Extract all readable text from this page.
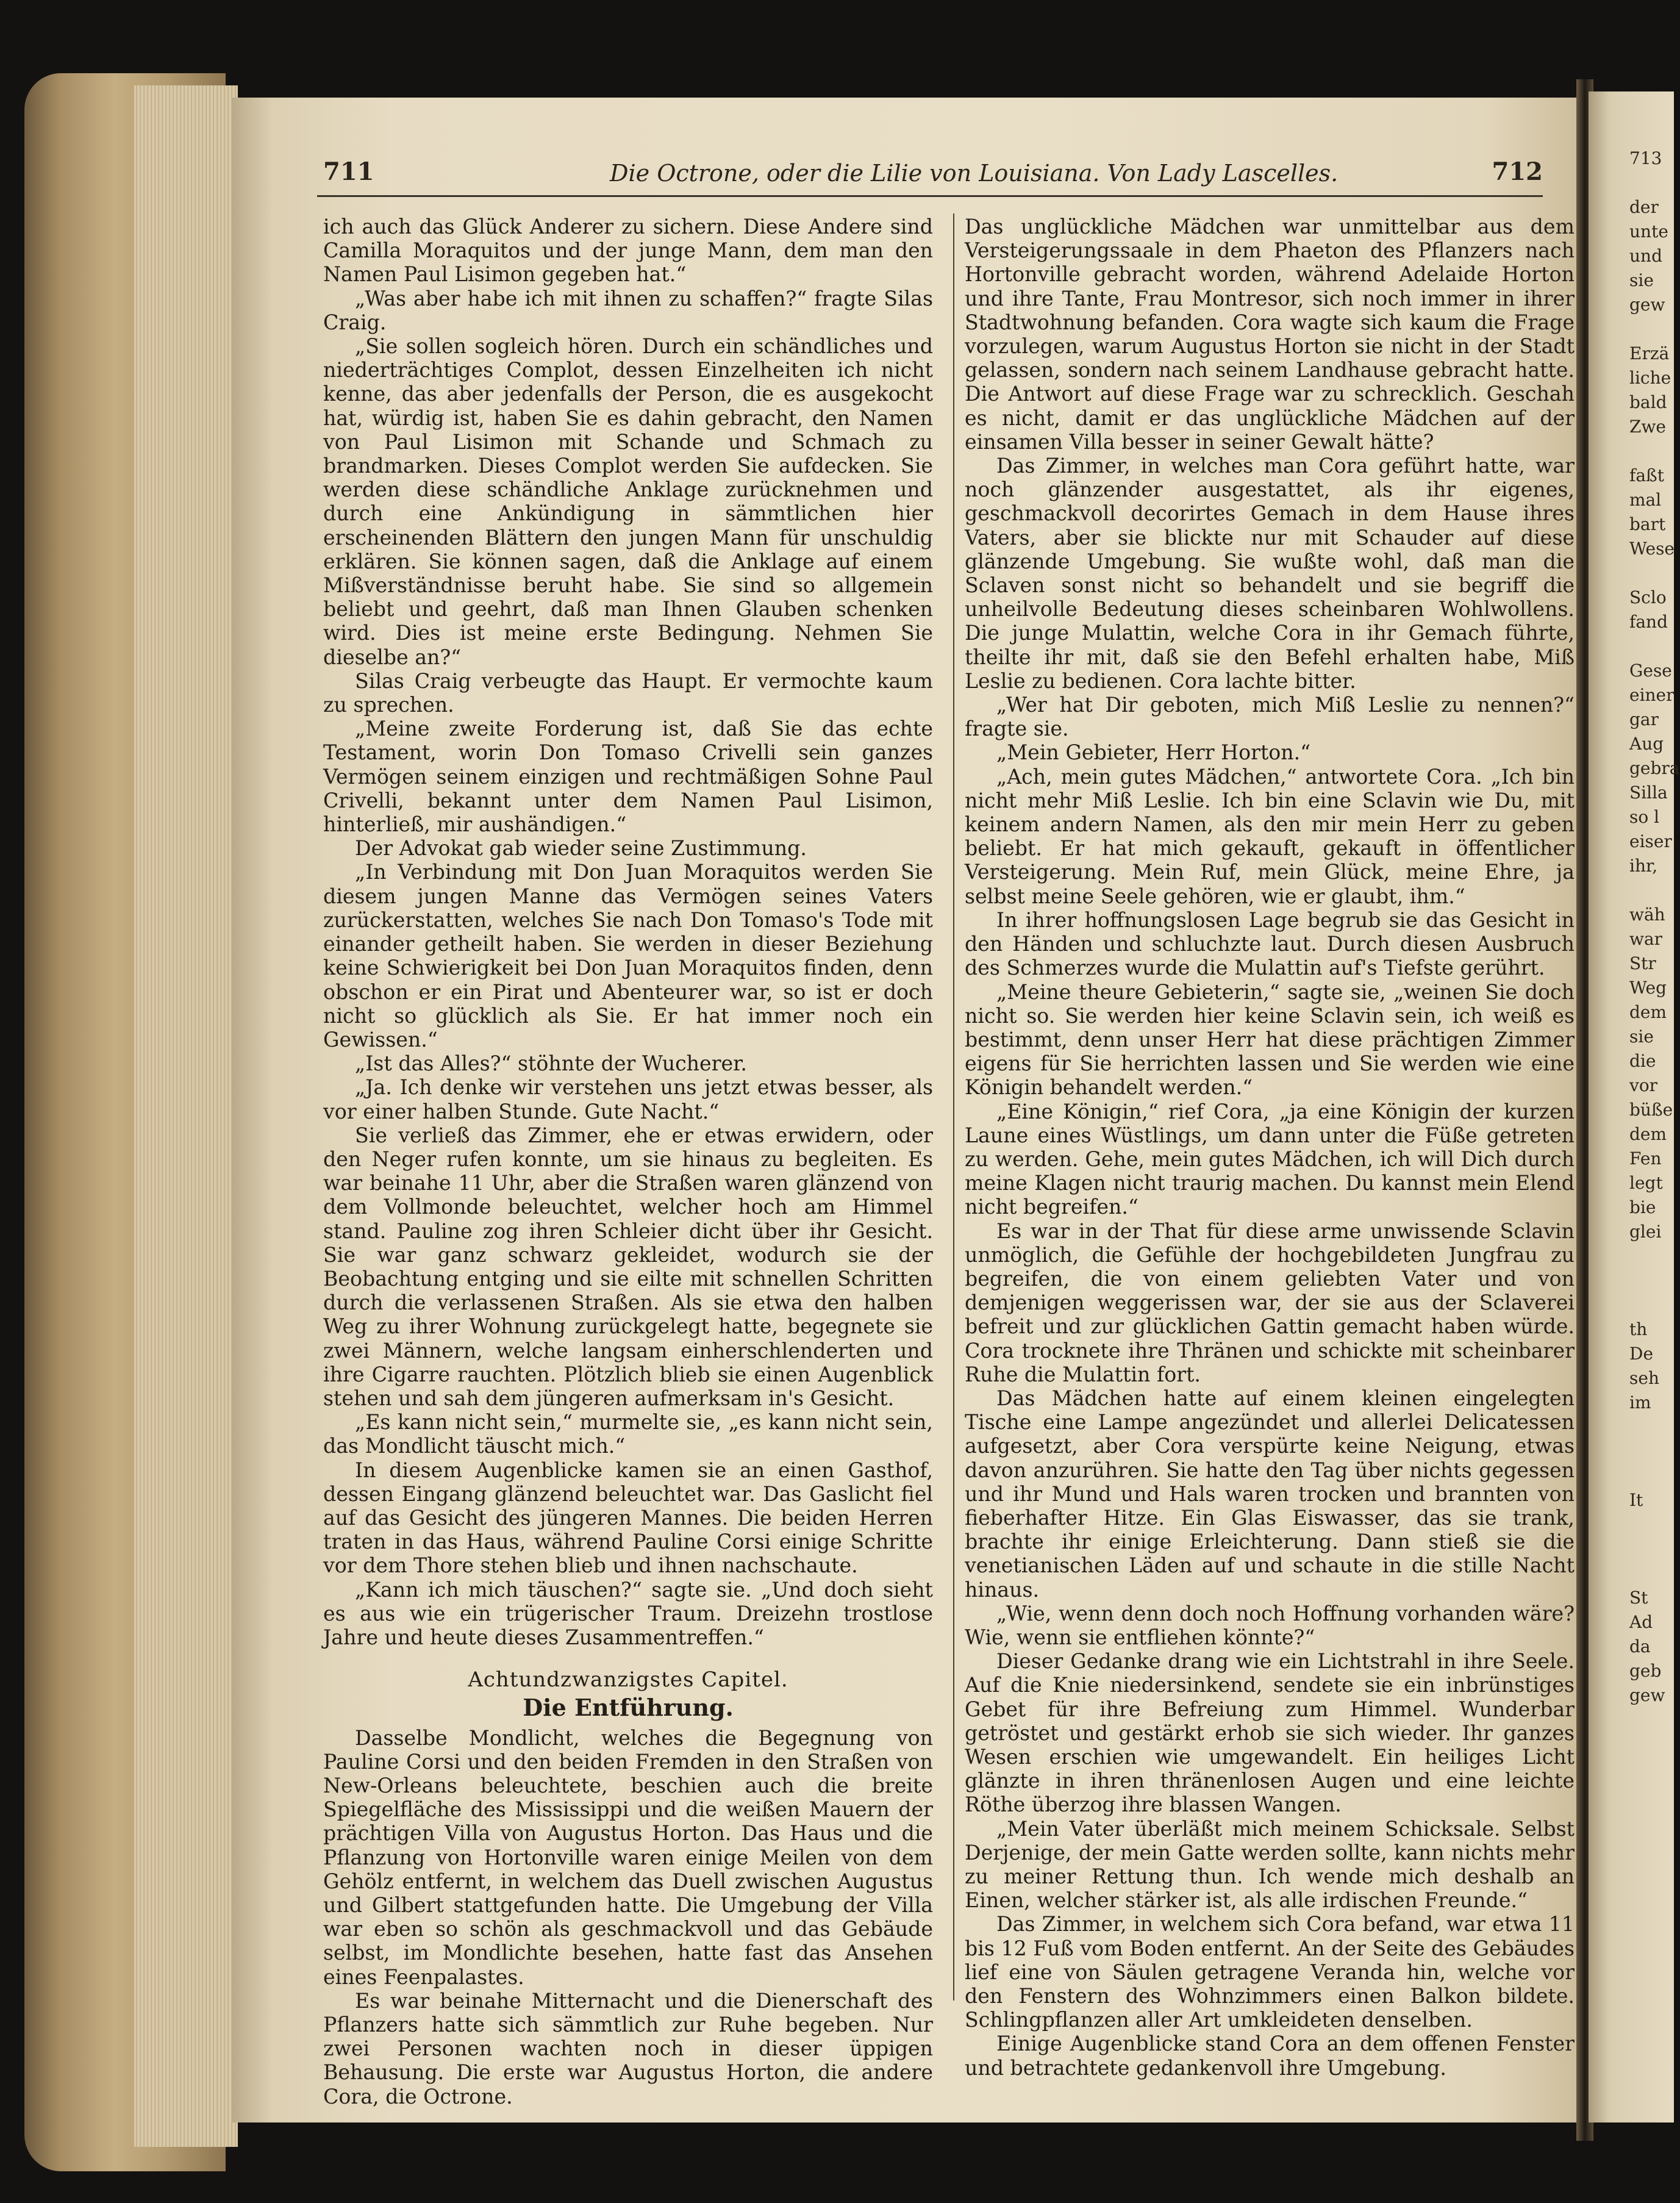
713

der
unte
und
sie
gew

Erzä
liche
bald
Zwe

faßt
mal
bart
Wese

Sclo
fand

Gese
einer
gar
Aug
gebra
Silla
so l
eiser
ihr,

wäh
war
Str
Weg
dem
sie
die
vor
büße
dem
Fen
legt
bie
glei

th
De
seh
im

It

St
Ad
da
geb
gew
711	Die Octrone, oder die Lilie von Louisiana. Von Lady Lascelles.	712

ich auch das Glück Anderer zu sichern. Diese Andere sind Camilla Moraquitos und der junge Mann, dem man den Namen Paul Lisimon gegeben hat.“

„Was aber habe ich mit ihnen zu schaffen?“ fragte Silas Craig.

„Sie sollen sogleich hören. Durch ein schändliches und niederträchtiges Complot, dessen Einzelheiten ich nicht kenne, das aber jedenfalls der Person, die es ausgekocht hat, würdig ist, haben Sie es dahin gebracht, den Namen von Paul Lisimon mit Schande und Schmach zu brandmarken. Dieses Complot werden Sie aufdecken. Sie werden diese schändliche Anklage zurücknehmen und durch eine Ankündigung in sämmtlichen hier erscheinenden Blättern den jungen Mann für unschuldig erklären. Sie können sagen, daß die Anklage auf einem Mißverständnisse beruht habe. Sie sind so allgemein beliebt und geehrt, daß man Ihnen Glauben schenken wird. Dies ist meine erste Bedingung. Nehmen Sie dieselbe an?“

Silas Craig verbeugte das Haupt. Er vermochte kaum zu sprechen.

„Meine zweite Forderung ist, daß Sie das echte Testament, worin Don Tomaso Crivelli sein ganzes Vermögen seinem einzigen und rechtmäßigen Sohne Paul Crivelli, bekannt unter dem Namen Paul Lisimon, hinterließ, mir aushändigen.“

Der Advokat gab wieder seine Zustimmung.

„In Verbindung mit Don Juan Moraquitos werden Sie diesem jungen Manne das Vermögen seines Vaters zurückerstatten, welches Sie nach Don Tomaso's Tode mit einander getheilt haben. Sie werden in dieser Beziehung keine Schwierigkeit bei Don Juan Moraquitos finden, denn obschon er ein Pirat und Abenteurer war, so ist er doch nicht so glücklich als Sie. Er hat immer noch ein Gewissen.“

„Ist das Alles?“ stöhnte der Wucherer.

„Ja. Ich denke wir verstehen uns jetzt etwas besser, als vor einer halben Stunde. Gute Nacht.“

Sie verließ das Zimmer, ehe er etwas erwidern, oder den Neger rufen konnte, um sie hinaus zu begleiten. Es war beinahe 11 Uhr, aber die Straßen waren glänzend von dem Vollmonde beleuchtet, welcher hoch am Himmel stand. Pauline zog ihren Schleier dicht über ihr Gesicht. Sie war ganz schwarz gekleidet, wodurch sie der Beobachtung entging und sie eilte mit schnellen Schritten durch die verlassenen Straßen. Als sie etwa den halben Weg zu ihrer Wohnung zurückgelegt hatte, begegnete sie zwei Männern, welche langsam einherschlenderten und ihre Cigarre rauchten. Plötzlich blieb sie einen Augenblick stehen und sah dem jüngeren aufmerksam in's Gesicht.

„Es kann nicht sein,“ murmelte sie, „es kann nicht sein, das Mondlicht täuscht mich.“

In diesem Augenblicke kamen sie an einen Gasthof, dessen Eingang glänzend beleuchtet war. Das Gaslicht fiel auf das Gesicht des jüngeren Mannes. Die beiden Herren traten in das Haus, während Pauline Corsi einige Schritte vor dem Thore stehen blieb und ihnen nachschaute.

„Kann ich mich täuschen?“ sagte sie. „Und doch sieht es aus wie ein trügerischer Traum. Dreizehn trostlose Jahre und heute dieses Zusammentreffen.“

Achtundzwanzigstes Capitel.

Die Entführung.

Dasselbe Mondlicht, welches die Begegnung von Pauline Corsi und den beiden Fremden in den Straßen von New-Orleans beleuchtete, beschien auch die breite Spiegelfläche des Mississippi und die weißen Mauern der prächtigen Villa von Augustus Horton. Das Haus und die Pflanzung von Hortonville waren einige Meilen von dem Gehölz entfernt, in welchem das Duell zwischen Augustus und Gilbert stattgefunden hatte. Die Umgebung der Villa war eben so schön als geschmackvoll und das Gebäude selbst, im Mondlichte besehen, hatte fast das Ansehen eines Feenpalastes.

Es war beinahe Mitternacht und die Dienerschaft des Pflanzers hatte sich sämmtlich zur Ruhe begeben. Nur zwei Personen wachten noch in dieser üppigen Behausung. Die erste war Augustus Horton, die andere Cora, die Octrone.

Das unglückliche Mädchen war unmittelbar aus dem Versteigerungssaale in dem Phaeton des Pflanzers nach Hortonville gebracht worden, während Adelaide Horton und ihre Tante, Frau Montresor, sich noch immer in ihrer Stadtwohnung befanden. Cora wagte sich kaum die Frage vorzulegen, warum Augustus Horton sie nicht in der Stadt gelassen, sondern nach seinem Landhause gebracht hatte. Die Antwort auf diese Frage war zu schrecklich. Geschah es nicht, damit er das unglückliche Mädchen auf der einsamen Villa besser in seiner Gewalt hätte?

Das Zimmer, in welches man Cora geführt hatte, war noch glänzender ausgestattet, als ihr eigenes, geschmackvoll decorirtes Gemach in dem Hause ihres Vaters, aber sie blickte nur mit Schauder auf diese glänzende Umgebung. Sie wußte wohl, daß man die Sclaven sonst nicht so behandelt und sie begriff die unheilvolle Bedeutung dieses scheinbaren Wohlwollens. Die junge Mulattin, welche Cora in ihr Gemach führte, theilte ihr mit, daß sie den Befehl erhalten habe, Miß Leslie zu bedienen. Cora lachte bitter.

„Wer hat Dir geboten, mich Miß Leslie zu nennen?“ fragte sie.

„Mein Gebieter, Herr Horton.“

„Ach, mein gutes Mädchen,“ antwortete Cora. „Ich bin nicht mehr Miß Leslie. Ich bin eine Sclavin wie Du, mit keinem andern Namen, als den mir mein Herr zu geben beliebt. Er hat mich gekauft, gekauft in öffentlicher Versteigerung. Mein Ruf, mein Glück, meine Ehre, ja selbst meine Seele gehören, wie er glaubt, ihm.“

In ihrer hoffnungslosen Lage begrub sie das Gesicht in den Händen und schluchzte laut. Durch diesen Ausbruch des Schmerzes wurde die Mulattin auf's Tiefste gerührt.

„Meine theure Gebieterin,“ sagte sie, „weinen Sie doch nicht so. Sie werden hier keine Sclavin sein, ich weiß es bestimmt, denn unser Herr hat diese prächtigen Zimmer eigens für Sie herrichten lassen und Sie werden wie eine Königin behandelt werden.“

„Eine Königin,“ rief Cora, „ja eine Königin der kurzen Laune eines Wüstlings, um dann unter die Füße getreten zu werden. Gehe, mein gutes Mädchen, ich will Dich durch meine Klagen nicht traurig machen. Du kannst mein Elend nicht begreifen.“

Es war in der That für diese arme unwissende Sclavin unmöglich, die Gefühle der hochgebildeten Jungfrau zu begreifen, die von einem geliebten Vater und von demjenigen weggerissen war, der sie aus der Sclaverei befreit und zur glücklichen Gattin gemacht haben würde. Cora trocknete ihre Thränen und schickte mit scheinbarer Ruhe die Mulattin fort.

Das Mädchen hatte auf einem kleinen eingelegten Tische eine Lampe angezündet und allerlei Delicatessen aufgesetzt, aber Cora verspürte keine Neigung, etwas davon anzurühren. Sie hatte den Tag über nichts gegessen und ihr Mund und Hals waren trocken und brannten von fieberhafter Hitze. Ein Glas Eiswasser, das sie trank, brachte ihr einige Erleichterung. Dann stieß sie die venetianischen Läden auf und schaute in die stille Nacht hinaus.

„Wie, wenn denn doch noch Hoffnung vorhanden wäre? Wie, wenn sie entfliehen könnte?“

Dieser Gedanke drang wie ein Lichtstrahl in ihre Seele. Auf die Knie niedersinkend, sendete sie ein inbrünstiges Gebet für ihre Befreiung zum Himmel. Wunderbar getröstet und gestärkt erhob sie sich wieder. Ihr ganzes Wesen erschien wie umgewandelt. Ein heiliges Licht glänzte in ihren thränenlosen Augen und eine leichte Röthe überzog ihre blassen Wangen.

„Mein Vater überläßt mich meinem Schicksale. Selbst Derjenige, der mein Gatte werden sollte, kann nichts mehr zu meiner Rettung thun. Ich wende mich deshalb an Einen, welcher stärker ist, als alle irdischen Freunde.“

Das Zimmer, in welchem sich Cora befand, war etwa 11 bis 12 Fuß vom Boden entfernt. An der Seite des Gebäudes lief eine von Säulen getragene Veranda hin, welche vor den Fenstern des Wohnzimmers einen Balkon bildete. Schlingpflanzen aller Art umkleideten denselben.

Einige Augenblicke stand Cora an dem offenen Fenster und betrachtete gedankenvoll ihre Umgebung.
